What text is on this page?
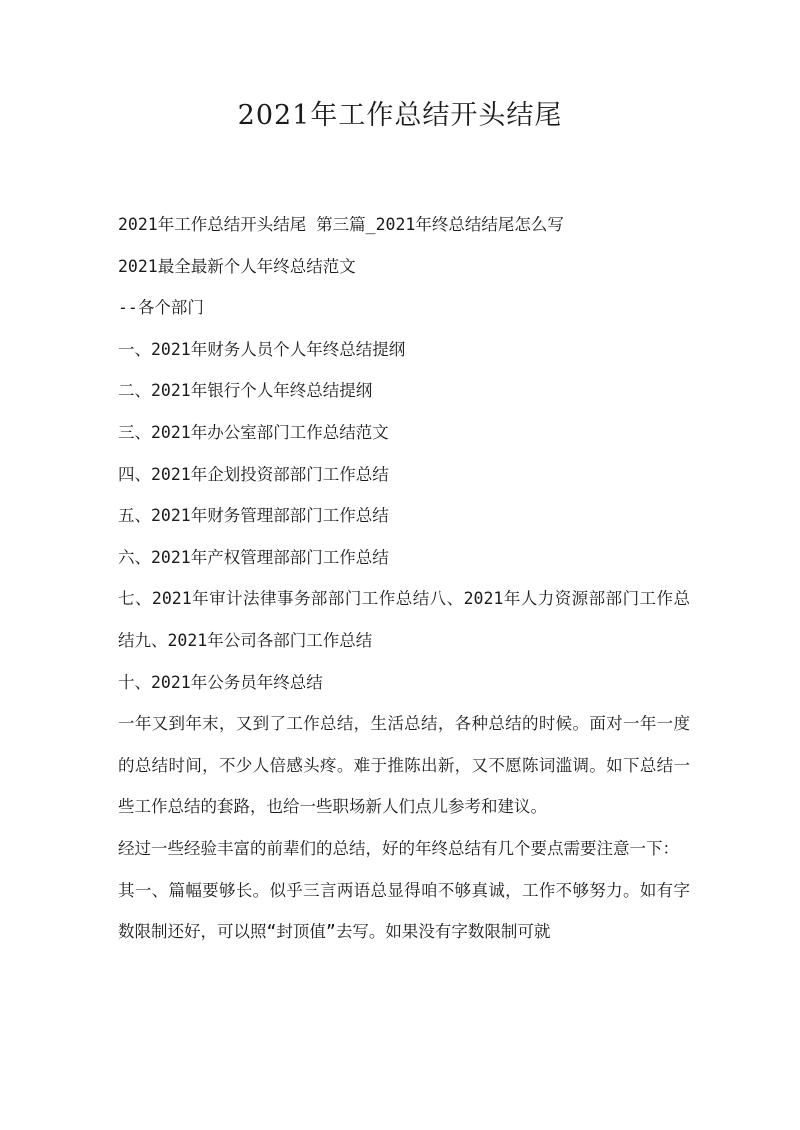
2021年工作总结开头结尾
2021年工作总结开头结尾 第三篇_2021年终总结结尾怎么写
2021最全最新个人年终总结范文
--各个部门
一、2021年财务人员个人年终总结提纲
二、2021年银行个人年终总结提纲
三、2021年办公室部门工作总结范文
四、2021年企划投资部部门工作总结
五、2021年财务管理部部门工作总结
六、2021年产权管理部部门工作总结
七、2021年审计法律事务部部门工作总结八、2021年人力资源部部门工作总结九、2021年公司各部门工作总结
十、2021年公务员年终总结
一年又到年末，又到了工作总结，生活总结，各种总结的时候。面对一年一度的总结时间，不少人倍感头疼。难于推陈出新，又不愿陈词滥调。如下总结一些工作总结的套路，也给一些职场新人们点儿参考和建议。
经过一些经验丰富的前辈们的总结，好的年终总结有几个要点需要注意一下：
其一、篇幅要够长。似乎三言两语总显得咱不够真诚，工作不够努力。如有字数限制还好，可以照“封顶值”去写。如果没有字数限制可就
